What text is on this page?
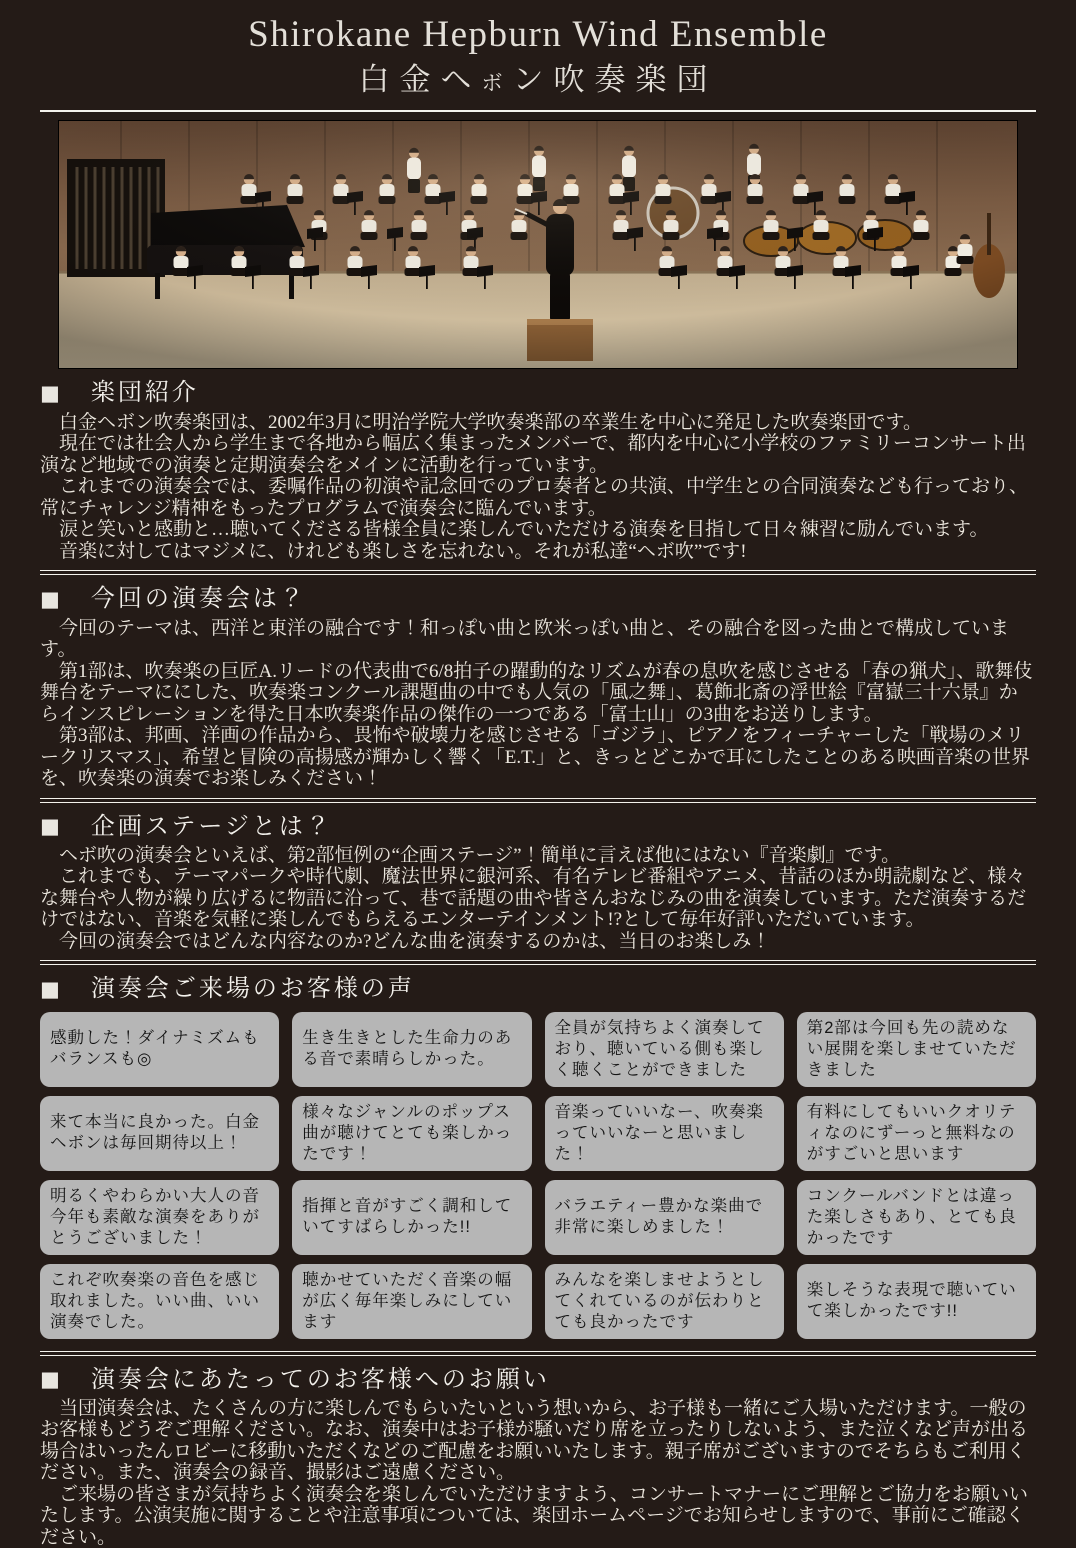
Shirokane Hepburn Wind Ensemble
白金ヘボン吹奏楽団
■ 楽団紹介

白金ヘボン吹奏楽団は、2002年3月に明治学院大学吹奏楽部の卒業生を中心に発足した吹奏楽団です。

現在では社会人から学生まで各地から幅広く集まったメンバーで、都内を中心に小学校のファミリーコンサート出演など地域での演奏と定期演奏会をメインに活動を行っています。

これまでの演奏会では、委嘱作品の初演や記念回でのプロ奏者との共演、中学生との合同演奏なども行っており、常にチャレンジ精神をもったプログラムで演奏会に臨んでいます。

涙と笑いと感動と…聴いてくださる皆様全員に楽しんでいただける演奏を目指して日々練習に励んでいます。

音楽に対してはマジメに、けれども楽しさを忘れない。それが私達“ヘボ吹”です!

■ 今回の演奏会は？

今回のテーマは、西洋と東洋の融合です！和っぽい曲と欧米っぽい曲と、その融合を図った曲とで構成しています。

第1部は、吹奏楽の巨匠A.リードの代表曲で6/8拍子の躍動的なリズムが春の息吹を感じさせる「春の猟犬」、歌舞伎舞台をテーマににした、吹奏楽コンクール課題曲の中でも人気の「風之舞」、葛飾北斎の浮世絵『富嶽三十六景』からインスピレーションを得た日本吹奏楽作品の傑作の一つである「富士山」の3曲をお送りします。

第3部は、邦画、洋画の作品から、畏怖や破壊力を感じさせる「ゴジラ」、ピアノをフィーチャーした「戦場のメリークリスマス」、希望と冒険の高揚感が輝かしく響く「E.T.」と、きっとどこかで耳にしたことのある映画音楽の世界を、吹奏楽の演奏でお楽しみください！

■ 企画ステージとは？

ヘボ吹の演奏会といえば、第2部恒例の“企画ステージ”！簡単に言えば他にはない『音楽劇』です。

これまでも、テーマパークや時代劇、魔法世界に銀河系、有名テレビ番組やアニメ、昔話のほか朗読劇など、様々な舞台や人物が繰り広げるに物語に沿って、巷で話題の曲や皆さんおなじみの曲を演奏しています。ただ演奏するだけではない、音楽を気軽に楽しんでもらえるエンターテインメント!?として毎年好評いただいています。

今回の演奏会ではどんな内容なのか?どんな曲を演奏するのかは、当日のお楽しみ！

■ 演奏会ご来場のお客様の声
感動した！ダイナミズムもバランスも◎
生き生きとした生命力のある音で素晴らしかった。
全員が気持ちよく演奏しており、聴いている側も楽しく聴くことができました
第2部は今回も先の読めない展開を楽しませていただきました
来て本当に良かった。白金ヘボンは毎回期待以上！
様々なジャンルのポップス曲が聴けてとても楽しかったです！
音楽っていいなー、吹奏楽っていいなーと思いました！
有料にしてもいいクオリティなのにずーっと無料なのがすごいと思います
明るくやわらかい大人の音今年も素敵な演奏をありがとうございました！
指揮と音がすごく調和していてすばらしかった!!
バラエティー豊かな楽曲で非常に楽しめました！
コンクールバンドとは違った楽しさもあり、とても良かったです
これぞ吹奏楽の音色を感じ取れました。いい曲、いい演奏でした。
聴かせていただく音楽の幅が広く毎年楽しみにしています
みんなを楽しませようとしてくれているのが伝わりとても良かったです
楽しそうな表現で聴いていて楽しかったです!!
■ 演奏会にあたってのお客様へのお願い

当団演奏会は、たくさんの方に楽しんでもらいたいという想いから、お子様も一緒にご入場いただけます。一般のお客様もどうぞご理解ください。なお、演奏中はお子様が騒いだり席を立ったりしないよう、また泣くなど声が出る場合はいったんロビーに移動いただくなどのご配慮をお願いいたします。親子席がございますのでそちらもご利用ください。また、演奏会の録音、撮影はご遠慮ください。

ご来場の皆さまが気持ちよく演奏会を楽しんでいただけますよう、コンサートマナーにご理解とご協力をお願いいたします。公演実施に関することや注意事項については、楽団ホームページでお知らせしますので、事前にご確認ください。
